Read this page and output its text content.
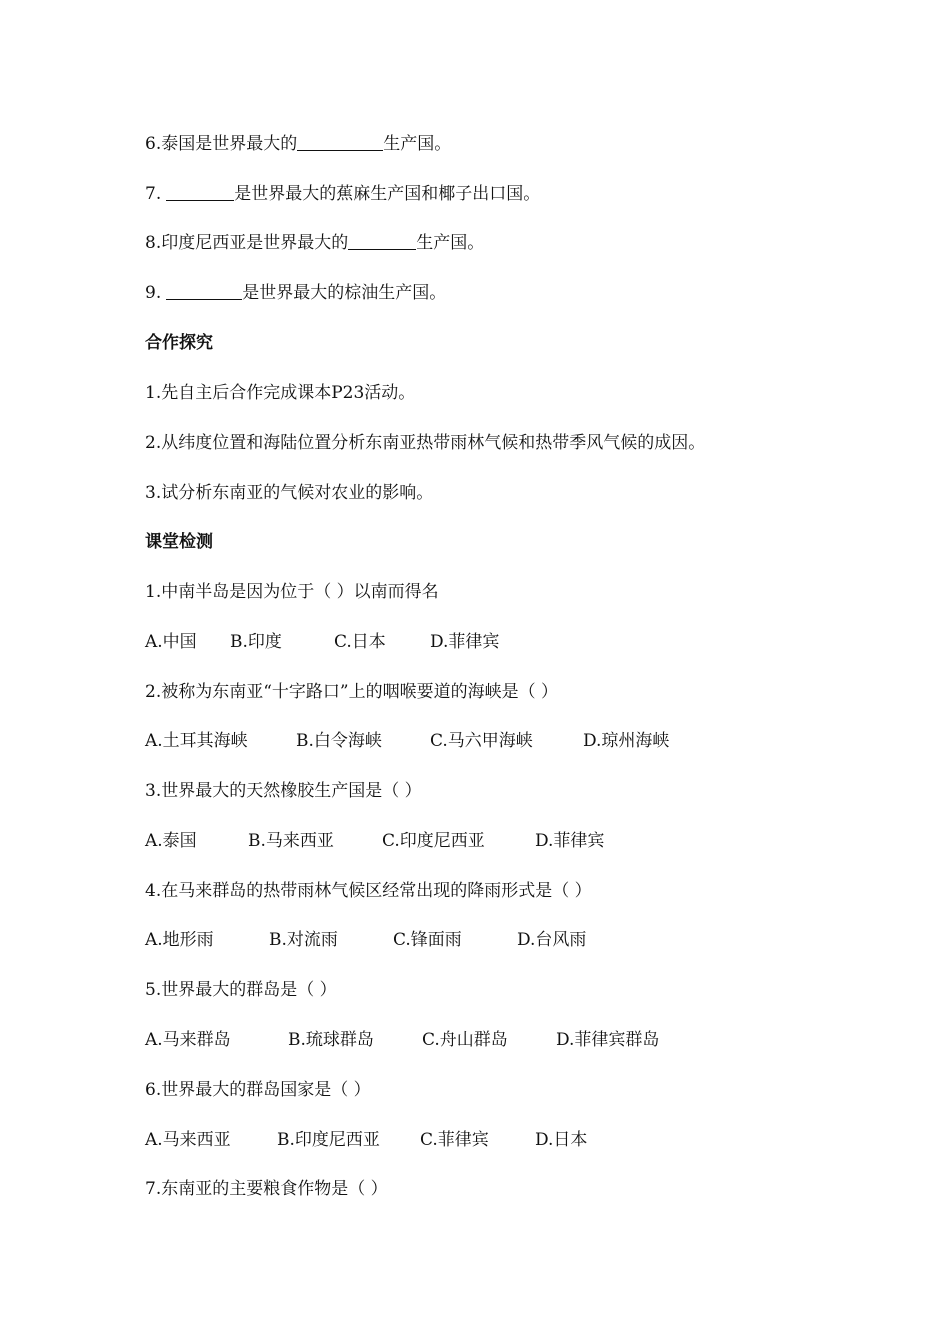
6.泰国是世界最大的	生产国。
7.	是世界最大的蕉麻生产国和椰子出口国。
8.印度尼西亚是世界最大的	生产国。
9.	是世界最大的棕油生产国。
合作探究
1.先自主后合作完成课本P23活动。
2.从纬度位置和海陆位置分析东南亚热带雨林气候和热带季风气候的成因。
3.试分析东南亚的气候对农业的影响。
课堂检测
1.中南半岛是因为位于（ ）以南而得名
A.中国 B.印度	C.日本	D.菲律宾
2.被称为东南亚“十字路口”上的咽喉要道的海峡是（ ）
A.土耳其海峡	B.白令海峡	C.马六甲海峡	D.琼州海峡
3.世界最大的天然橡胶生产国是（ ）
A.泰国	B.马来西亚	C.印度尼西亚	D.菲律宾
4.在马来群岛的热带雨林气候区经常出现的降雨形式是（ ）
A.地形雨	B.对流雨	C.锋面雨	D.台风雨
5.世界最大的群岛是（ ）
A.马来群岛	B.琉球群岛	C.舟山群岛	D.菲律宾群岛
6.世界最大的群岛国家是（ ）
A.马来西亚	B.印度尼西亚 C.菲律宾	D.日本
7.东南亚的主要粮食作物是（ ）
